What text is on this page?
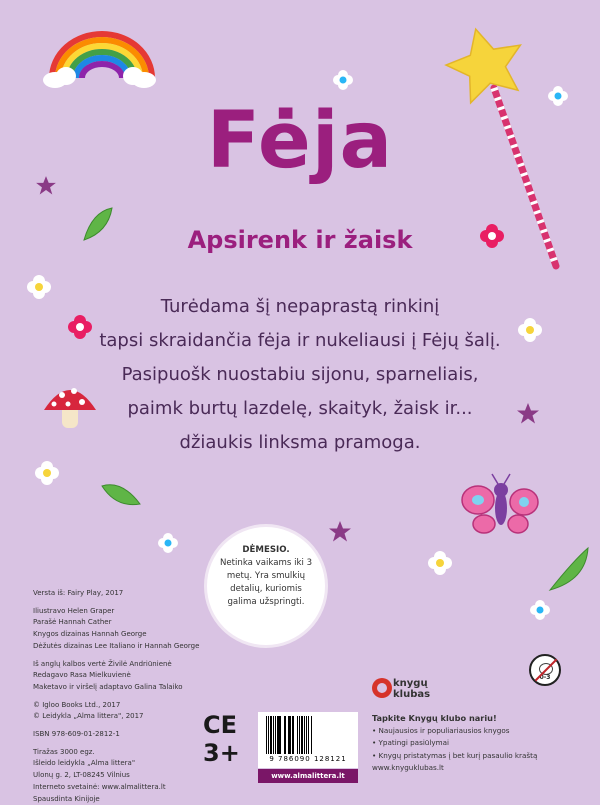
Fėja
Apsirenk ir žaisk
Turėdama šį nepaprastą rinkinį
tapsi skraidančia fėja ir nukeliausi į Fėjų šalį.
Pasipuošk nuostabiu sijonu, sparneliais,
paimk burtų lazdelę, skaityk, žaisk ir...
džiaukis linksma pramoga.
DĖMESIO.
Netinka vaikams iki 3 metų. Yra smulkių detalių, kuriomis galima užspringti.
Versta iš: Fairy Play, 2017
Iliustravo Helen Graper
Parašė Hannah Cather
Knygos dizainas Hannah George
Dėžutės dizainas Lee Italiano ir Hannah George
Iš anglų kalbos vertė Živilė Andriūnienė
Redagavo Rasa Mielkuvienė
Maketavo ir viršelį adaptavo Galina Talaiko
© Igloo Books Ltd., 2017
© Leidykla „Alma littera", 2017
ISBN 978-609-01-2812-1
Tiražas 3000 egz.
Išleido leidykla „Alma littera"
Ulonų g. 2, LT-08245 Vilnius
Interneto svetainė: www.almalittera.lt
Spausdinta Kinijoje
CE
3+	9 786090 128121
www.almalittera.lt
knygų
klubas
Tapkite Knygų klubo nariu!
• Naujausios ir populiariausios knygos
• Ypatingi pasiūlymai
• Knygų pristatymas į bet kurį pasaulio kraštą
www.knyguklubas.lt
0-3
